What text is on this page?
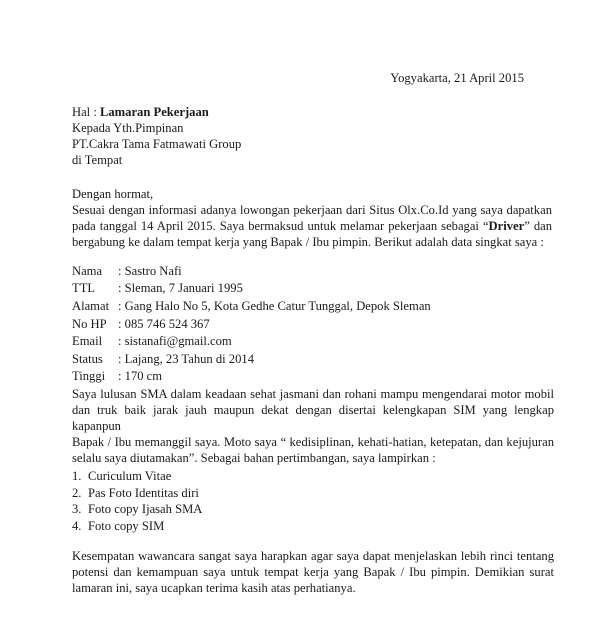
Yogyakarta, 21 April 2015
Hal : Lamaran Pekerjaan
Kepada Yth.Pimpinan
PT.Cakra Tama Fatmawati Group
di Tempat
Dengan hormat,
Sesuai dengan informasi adanya lowongan pekerjaan dari Situs Olx.Co.Id yang saya dapatkan
pada tanggal 14 April 2015. Saya bermaksud untuk melamar pekerjaan sebagai “Driver” dan
bergabung ke dalam tempat kerja yang Bapak / Ibu pimpin. Berikut adalah data singkat saya :
Nama	: Sastro Nafi
TTL	: Sleman, 7 Januari 1995
Alamat : Gang Halo No 5, Kota Gedhe Catur Tunggal, Depok Sleman
No HP : 085 746 524 367
Email	: sistanafi@gmail.com
Status	: Lajang, 23 Tahun di 2014
Tinggi	: 170 cm
Saya lulusan SMA dalam keadaan sehat jasmani dan rohani mampu mengendarai motor mobil
dan truk baik jarak jauh maupun dekat dengan disertai kelengkapan SIM yang lengkap kapanpun
Bapak / Ibu memanggil saya. Moto saya “ kedisiplinan, kehati-hatian, ketepatan, dan kejujuran
selalu saya diutamakan”. Sebagai bahan pertimbangan, saya lampirkan :
1. Curiculum Vitae
2. Pas Foto Identitas diri
3. Foto copy Ijasah SMA
4. Foto copy SIM
Kesempatan wawancara sangat saya harapkan agar saya dapat menjelaskan lebih rinci tentang
potensi dan kemampuan saya untuk tempat kerja yang Bapak / Ibu pimpin. Demikian surat
lamaran ini, saya ucapkan terima kasih atas perhatianya.
